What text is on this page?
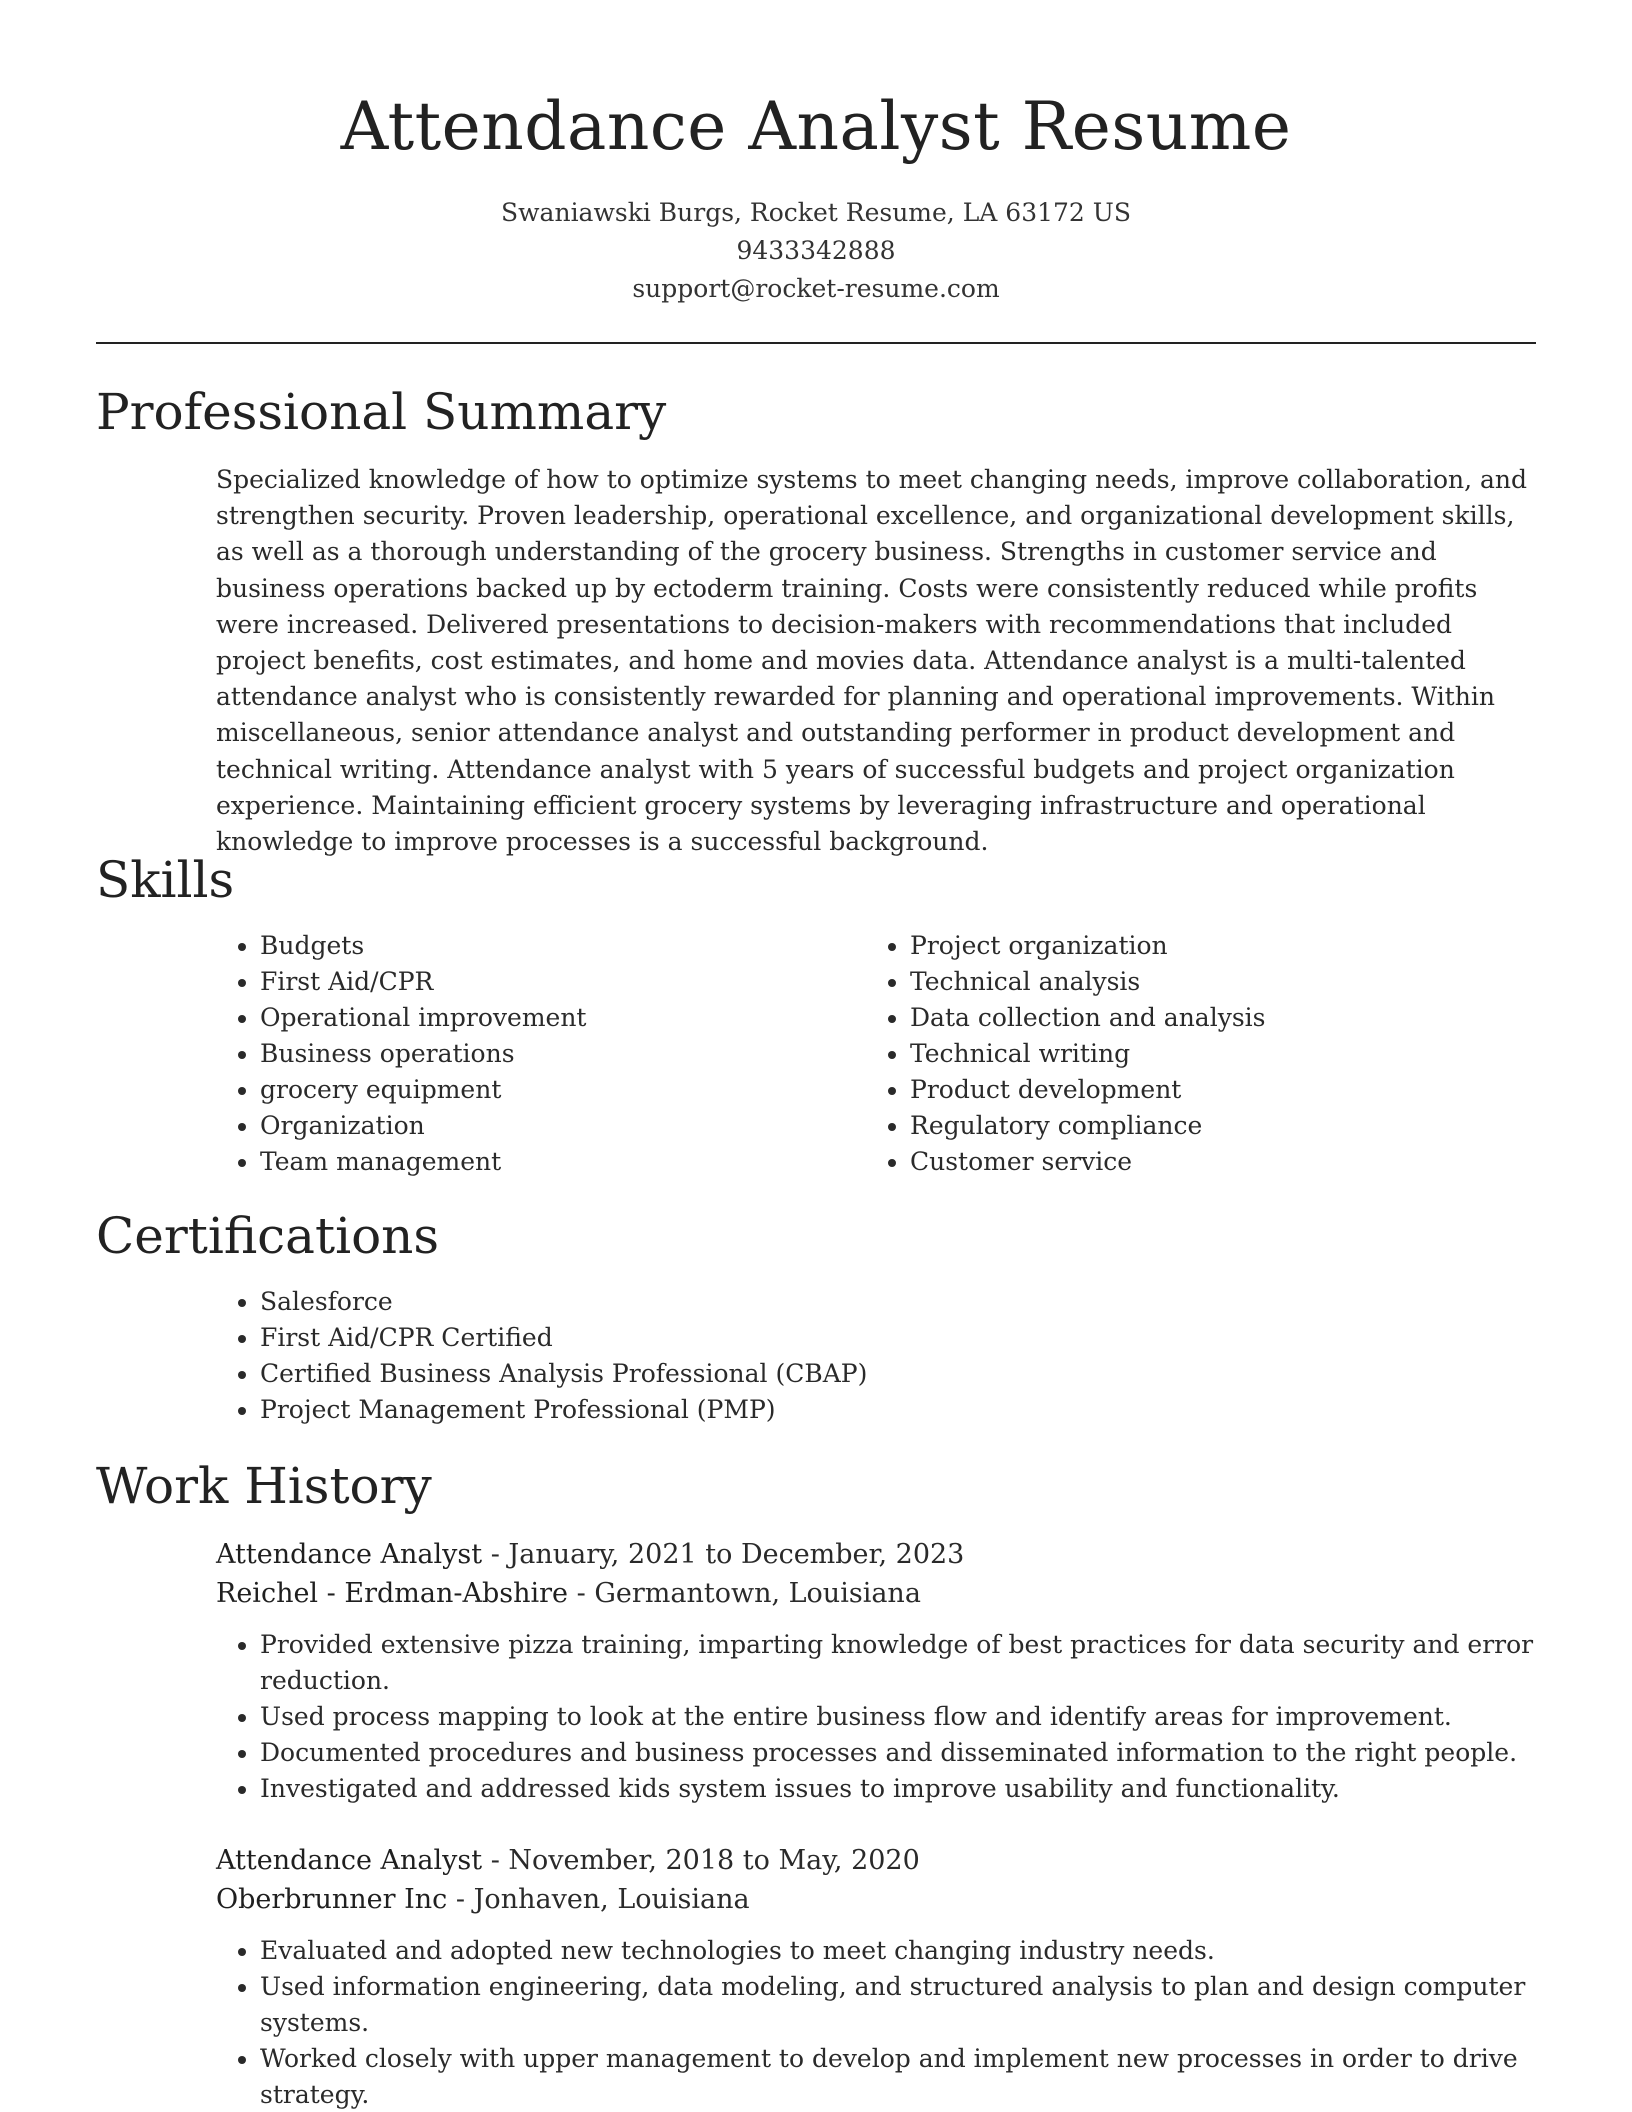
Attendance Analyst Resume
Swaniawski Burgs, Rocket Resume, LA 63172 US
9433342888
support@rocket-resume.com
Professional Summary

Specialized knowledge of how to optimize systems to meet changing needs, improve collaboration, and strengthen security. Proven leadership, operational excellence, and organizational development skills, as well as a thorough understanding of the grocery business. Strengths in customer service and business operations backed up by ectoderm training. Costs were consistently reduced while profits were increased. Delivered presentations to decision-makers with recommendations that included project benefits, cost estimates, and home and movies data. Attendance analyst is a multi-talented attendance analyst who is consistently rewarded for planning and operational improvements. Within miscellaneous, senior attendance analyst and outstanding performer in product development and technical writing. Attendance analyst with 5 years of successful budgets and project organization experience. Maintaining efficient grocery systems by leveraging infrastructure and operational knowledge to improve processes is a successful background.

Skills
• Budgets
• First Aid/CPR
• Operational improvement
• Business operations
• grocery equipment
• Organization
• Team management
• Project organization
• Technical analysis
• Data collection and analysis
• Technical writing
• Product development
• Regulatory compliance
• Customer service
Certifications
• Salesforce
• First Aid/CPR Certified
• Certified Business Analysis Professional (CBAP)
• Project Management Professional (PMP)
Work History
Attendance Analyst - January, 2021 to December, 2023
Reichel - Erdman-Abshire - Germantown, Louisiana
• Provided extensive pizza training, imparting knowledge of best practices for data security and error reduction.
• Used process mapping to look at the entire business flow and identify areas for improvement.
• Documented procedures and business processes and disseminated information to the right people.
• Investigated and addressed kids system issues to improve usability and functionality.
Attendance Analyst - November, 2018 to May, 2020
Oberbrunner Inc - Jonhaven, Louisiana
• Evaluated and adopted new technologies to meet changing industry needs.
• Used information engineering, data modeling, and structured analysis to plan and design computer systems.
• Worked closely with upper management to develop and implement new processes in order to drive strategy.
